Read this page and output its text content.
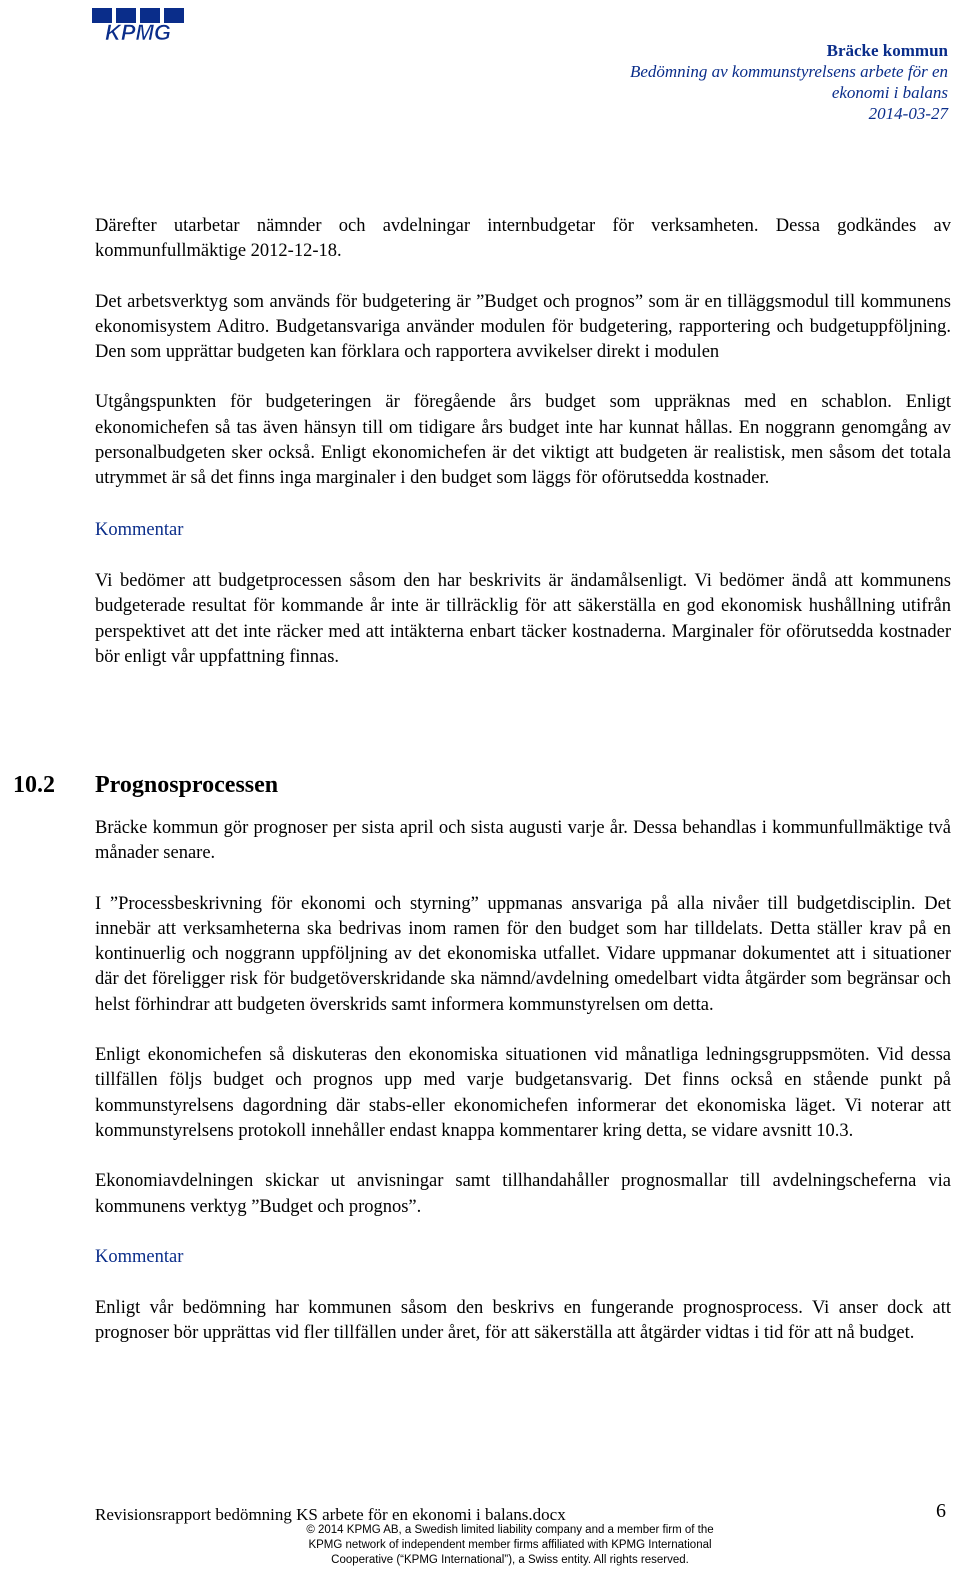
KPMG
Bräcke kommun
Bedömning av kommunstyrelsens arbete för en
ekonomi i balans
2014-03-27

Därefter utarbetar nämnder och avdelningar internbudgetar för verksamheten. Dessa godkändes av kommunfullmäktige 2012-12-18.

Det arbetsverktyg som används för budgetering är ”Budget och prognos” som är en tilläggsmodul till kommunens ekonomisystem Aditro. Budgetansvariga använder modulen för budgetering, rapportering och budgetuppföljning. Den som upprättar budgeten kan förklara och rapportera avvikelser direkt i modulen

Utgångspunkten för budgeteringen är föregående års budget som uppräknas med en schablon. Enligt ekonomichefen så tas även hänsyn till om tidigare års budget inte har kunnat hållas. En noggrann genomgång av personalbudgeten sker också. Enligt ekonomichefen är det viktigt att budgeten är realistisk, men såsom det totala utrymmet är så det finns inga marginaler i den budget som läggs för oförutsedda kostnader.

Kommentar

Vi bedömer att budgetprocessen såsom den har beskrivits är ändamålsenligt. Vi bedömer ändå att kommunens budgeterade resultat för kommande år inte är tillräcklig för att säkerställa en god ekonomisk hushållning utifrån perspektivet att det inte räcker med att intäkterna enbart täcker kostnaderna. Marginaler för oförutsedda kostnader bör enligt vår uppfattning finnas.

10.2 Prognosprocessen

Bräcke kommun gör prognoser per sista april och sista augusti varje år. Dessa behandlas i kommunfullmäktige två månader senare.

I ”Processbeskrivning för ekonomi och styrning” uppmanas ansvariga på alla nivåer till budgetdisciplin. Det innebär att verksamheterna ska bedrivas inom ramen för den budget som har tilldelats. Detta ställer krav på en kontinuerlig och noggrann uppföljning av det ekonomiska utfallet. Vidare uppmanar dokumentet att i situationer där det föreligger risk för budgetöverskridande ska nämnd/avdelning omedelbart vidta åtgärder som begränsar och helst förhindrar att budgeten överskrids samt informera kommunstyrelsen om detta.

Enligt ekonomichefen så diskuteras den ekonomiska situationen vid månatliga ledningsgruppsmöten. Vid dessa tillfällen följs budget och prognos upp med varje budgetansvarig. Det finns också en stående punkt på kommunstyrelsens dagordning där stabs-eller ekonomichefen informerar det ekonomiska läget. Vi noterar att kommunstyrelsens protokoll innehåller endast knappa kommentarer kring detta, se vidare avsnitt 10.3.

Ekonomiavdelningen skickar ut anvisningar samt tillhandahåller prognosmallar till avdelningscheferna via kommunens verktyg ”Budget och prognos”.

Kommentar

Enligt vår bedömning har kommunen såsom den beskrivs en fungerande prognosprocess. Vi anser dock att prognoser bör upprättas vid fler tillfällen under året, för att säkerställa att åtgärder vidtas i tid för att nå budget.

Revisionsrapport bedömning KS arbete för en ekonomi i balans.docx	6
© 2014 KPMG AB, a Swedish limited liability company and a member firm of the
KPMG network of independent member firms affiliated with KPMG International
Cooperative (“KPMG International”), a Swiss entity. All rights reserved.
